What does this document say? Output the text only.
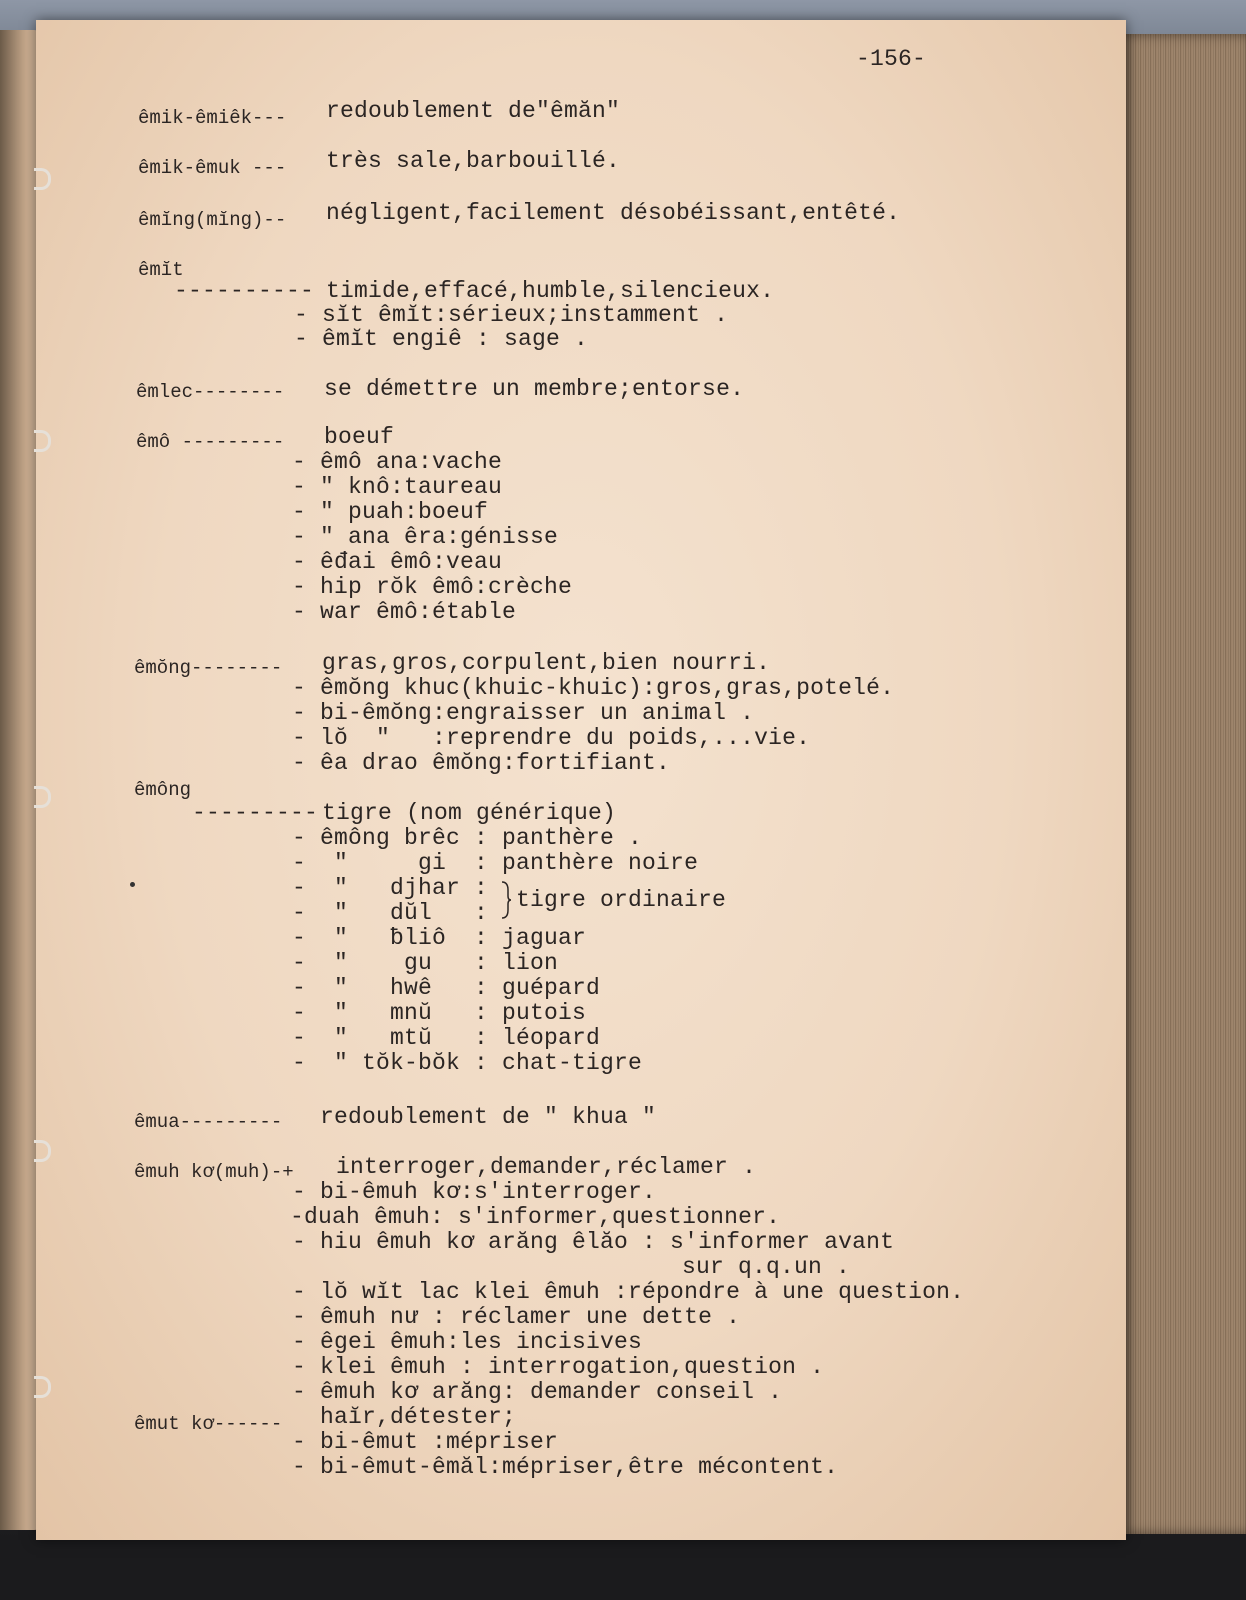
-156-
êmik-êmiêk--- redoublement de"êmăn"
êmik-êmuk --- très sale,barbouillé.
êmĭng(mĭng)-- négligent,facilement désobéissant,entêté.
êmĭt
---------- timide,effacé,humble,silencieux.
- sĭt êmĭt:sérieux;instamment .
- êmĭt engiê : sage .
êmlec-------- se démettre un membre;entorse.
êmô --------- boeuf
- êmô ana:vache
- " knô:taureau
- " puah:boeuf
- " ana êra:génisse
- êđai êmô:veau
- hip rŏk êmô:crèche
- war êmô:étable
êmŏng-------- gras,gros,corpulent,bien nourri.
- êmŏng khuc(khuic-khuic):gros,gras,potelé.
- bi-êmŏng:engraisser un animal .
- lŏ  "   :reprendre du poids,...vie.
- êa drao êmŏng:fortifiant.
êmông
--------- tigre (nom générique)
- êmông brêc : panthère .
-  "     gi  : panthère noire
-  "   djhar :
-  "   dŭl   : tigre ordinaire
-  "   ƀliô  : jaguar
-  "    gu   : lion
-  "   hwê   : guépard
-  "   mnŭ   : putois
-  "   mtŭ   : léopard
-  " tŏk-bŏk : chat-tigre
êmua--------- redoublement de " khua "
êmuh kơ(muh)-+ interroger,demander,réclamer .
- bi-êmuh kơ:s'interroger.
-duah êmuh: s'informer,questionner.
- hiu êmuh kơ arăng êlăo : s'informer avant
sur q.q.un .
- lŏ wĭt lac klei êmuh :répondre à une question.
- êmuh nư : réclamer une dette .
- êgei êmuh:les incisives
- klei êmuh : interrogation,question .
- êmuh kơ arăng: demander conseil .
êmut kơ------ haĭr,détester;
- bi-êmut :mépriser
- bi-êmut-êmăl:mépriser,être mécontent.
